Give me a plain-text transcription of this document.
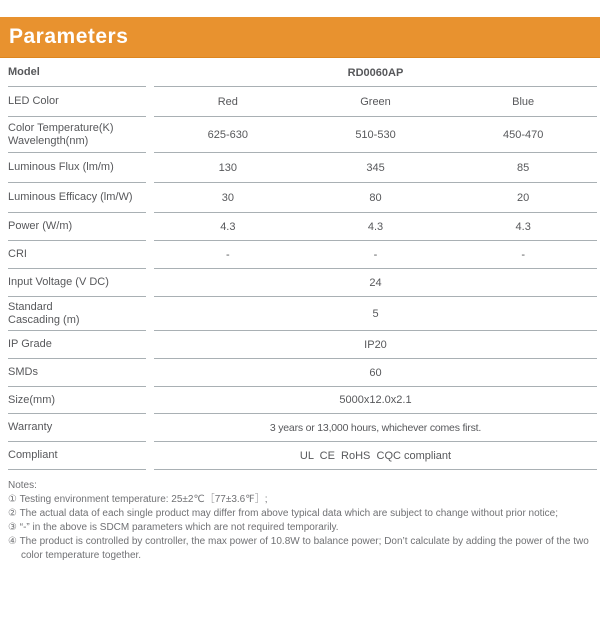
Parameters
Model	RD0060AP
LED Color	Red	Green	Blue
Color Temperature(K)
Wavelength(nm)	625-630	510-530	450-470
Luminous Flux (lm/m)	130	345	85
Luminous Efficacy (lm/W)	30	80	20
Power (W/m)	4.3	4.3	4.3
CRI	-	-	-
Input Voltage (V DC)	24
Standard
Cascading (m)	5
IP Grade	IP20
SMDs	60
Size(mm)	5000x12.0x2.1
Warranty	3 years or 13,000 hours, whichever comes first.
Compliant	UL  CE  RoHS  CQC compliant
Notes:
① Testing environment temperature: 25±2℃［77±3.6℉］;
② The actual data of each single product may differ from above typical data which are subject to change without prior notice;
③ “-” in the above is SDCM parameters which are not required temporarily.
④ The product is controlled by controller, the max power of 10.8W to balance power; Don’t calculate by adding the power of the two color temperature together.
